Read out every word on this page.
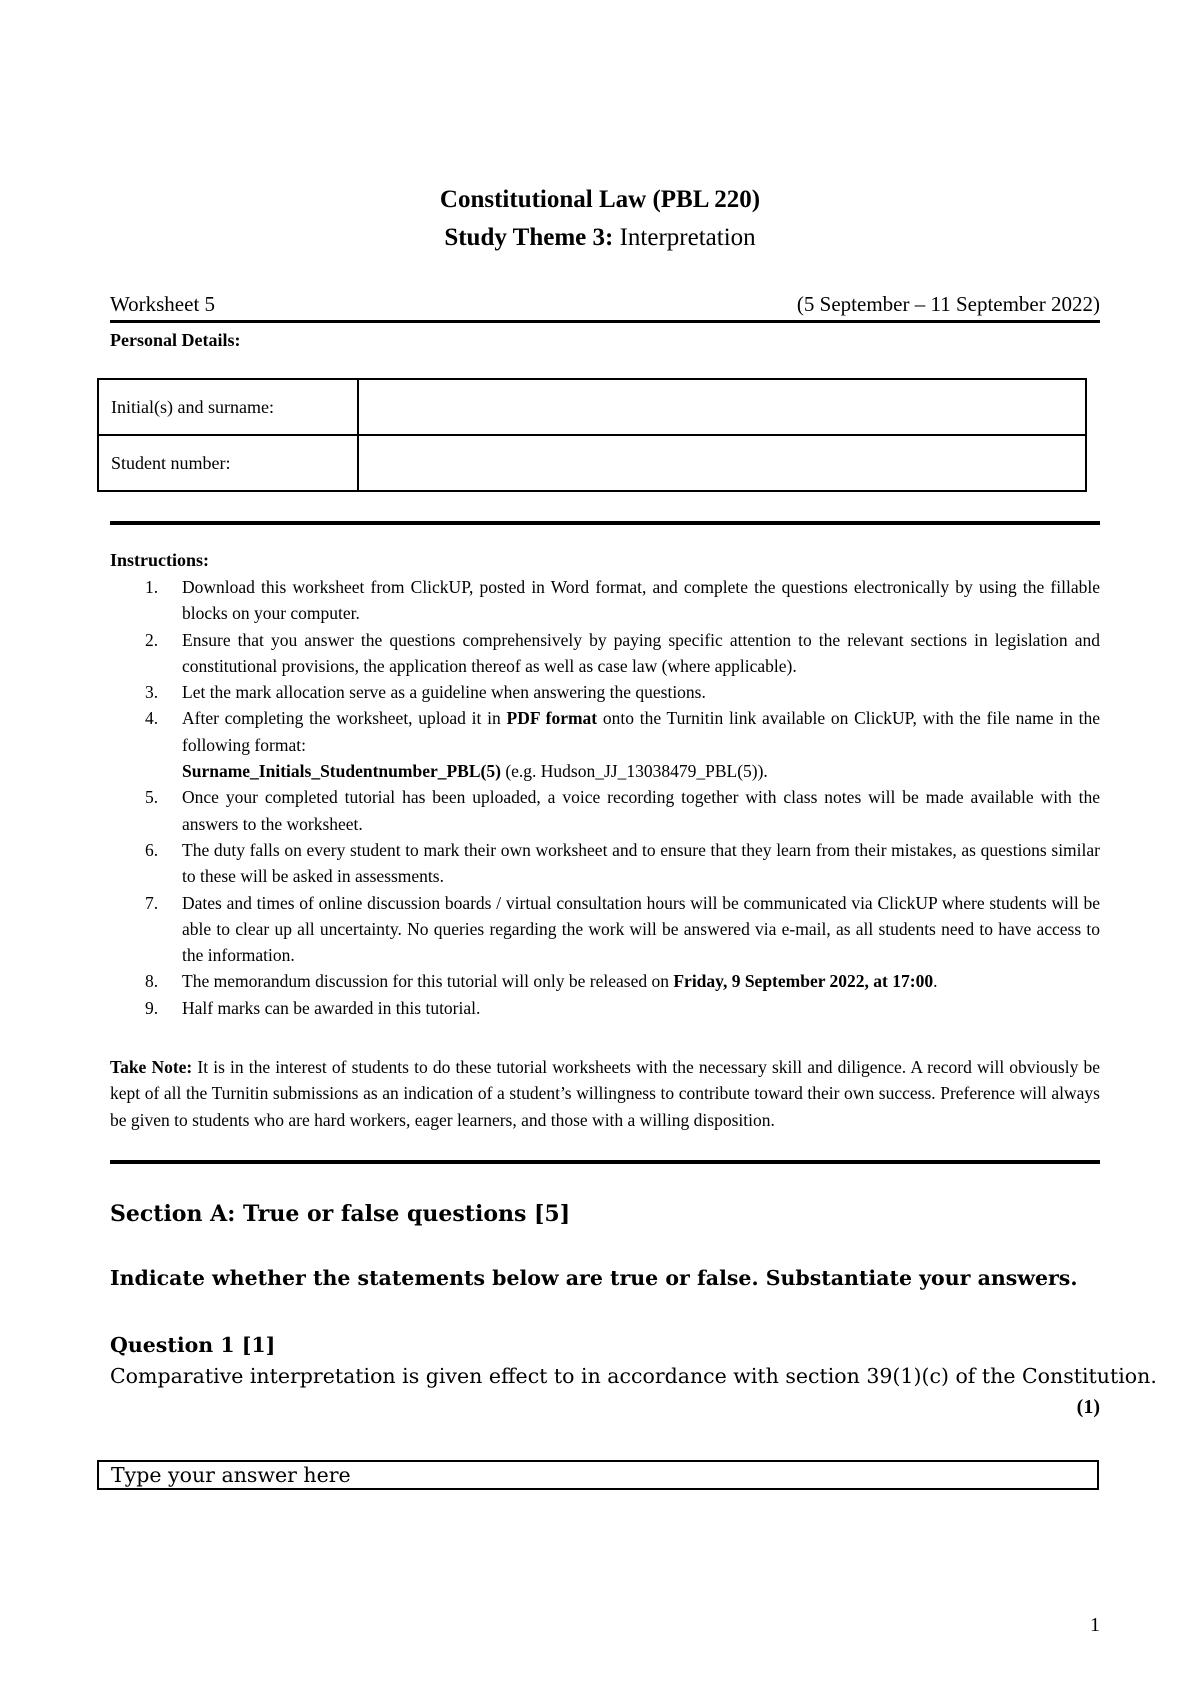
Constitutional Law (PBL 220)
Study Theme 3: Interpretation
Worksheet 5	(5 September – 11 September 2022)
Personal Details:
Initial(s) and surname:	
Student number:	
Instructions:
1. Download this worksheet from ClickUP, posted in Word format, and complete the questions electronically by using the fillable blocks on your computer.
2. Ensure that you answer the questions comprehensively by paying specific attention to the relevant sections in legislation and constitutional provisions, the application thereof as well as case law (where applicable).
3. Let the mark allocation serve as a guideline when answering the questions.
4. After completing the worksheet, upload it in PDF format onto the Turnitin link available on ClickUP, with the file name in the following format:
Surname_Initials_Studentnumber_PBL(5) (e.g. Hudson_JJ_13038479_PBL(5)).
5. Once your completed tutorial has been uploaded, a voice recording together with class notes will be made available with the answers to the worksheet.
6. The duty falls on every student to mark their own worksheet and to ensure that they learn from their mistakes, as questions similar to these will be asked in assessments.
7. Dates and times of online discussion boards / virtual consultation hours will be communicated via ClickUP where students will be able to clear up all uncertainty. No queries regarding the work will be answered via e-mail, as all students need to have access to the information.
8. The memorandum discussion for this tutorial will only be released on Friday, 9 September 2022, at 17:00.
9. Half marks can be awarded in this tutorial.
Take Note: It is in the interest of students to do these tutorial worksheets with the necessary skill and diligence. A record will obviously be kept of all the Turnitin submissions as an indication of a student’s willingness to contribute toward their own success. Preference will always be given to students who are hard workers, eager learners, and those with a willing disposition.
Section A: True or false questions [5]
Indicate whether the statements below are true or false. Substantiate your answers.
Question 1 [1]
Comparative interpretation is given effect to in accordance with section 39(1)(c) of the Constitution.
(1)
Type your answer here
1
